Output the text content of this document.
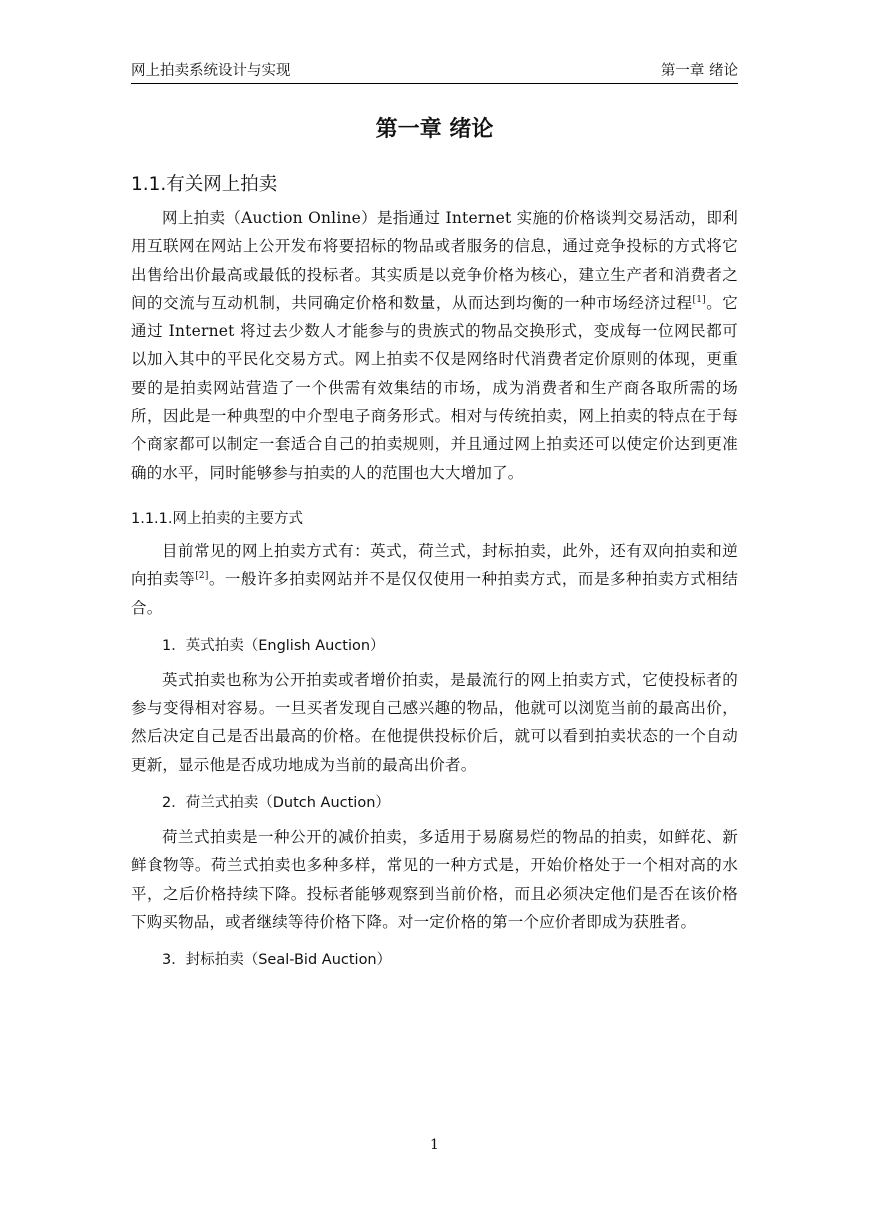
网上拍卖系统设计与实现	第一章 绪论
第一章 绪论
1.1.有关网上拍卖

网上拍卖（Auction Online）是指通过 Internet 实施的价格谈判交易活动，即利用互联网在网站上公开发布将要招标的物品或者服务的信息，通过竞争投标的方式将它出售给出价最高或最低的投标者。其实质是以竞争价格为核心，建立生产者和消费者之间的交流与互动机制，共同确定价格和数量，从而达到均衡的一种市场经济过程[1]。它通过 Internet 将过去少数人才能参与的贵族式的物品交换形式，变成每一位网民都可以加入其中的平民化交易方式。网上拍卖不仅是网络时代消费者定价原则的体现，更重要的是拍卖网站营造了一个供需有效集结的市场，成为消费者和生产商各取所需的场所，因此是一种典型的中介型电子商务形式。相对与传统拍卖，网上拍卖的特点在于每个商家都可以制定一套适合自己的拍卖规则，并且通过网上拍卖还可以使定价达到更准确的水平，同时能够参与拍卖的人的范围也大大增加了。

1.1.1.网上拍卖的主要方式

目前常见的网上拍卖方式有：英式，荷兰式，封标拍卖，此外，还有双向拍卖和逆向拍卖等[2]。一般许多拍卖网站并不是仅仅使用一种拍卖方式，而是多种拍卖方式相结合。

1．英式拍卖（English Auction）

英式拍卖也称为公开拍卖或者增价拍卖，是最流行的网上拍卖方式，它使投标者的参与变得相对容易。一旦买者发现自己感兴趣的物品，他就可以浏览当前的最高出价，然后决定自己是否出最高的价格。在他提供投标价后，就可以看到拍卖状态的一个自动更新，显示他是否成功地成为当前的最高出价者。

2．荷兰式拍卖（Dutch Auction）

荷兰式拍卖是一种公开的减价拍卖，多适用于易腐易烂的物品的拍卖，如鲜花、新鲜食物等。荷兰式拍卖也多种多样，常见的一种方式是，开始价格处于一个相对高的水平，之后价格持续下降。投标者能够观察到当前价格，而且必须决定他们是否在该价格下购买物品，或者继续等待价格下降。对一定价格的第一个应价者即成为获胜者。

3．封标拍卖（Seal-Bid Auction）
1
